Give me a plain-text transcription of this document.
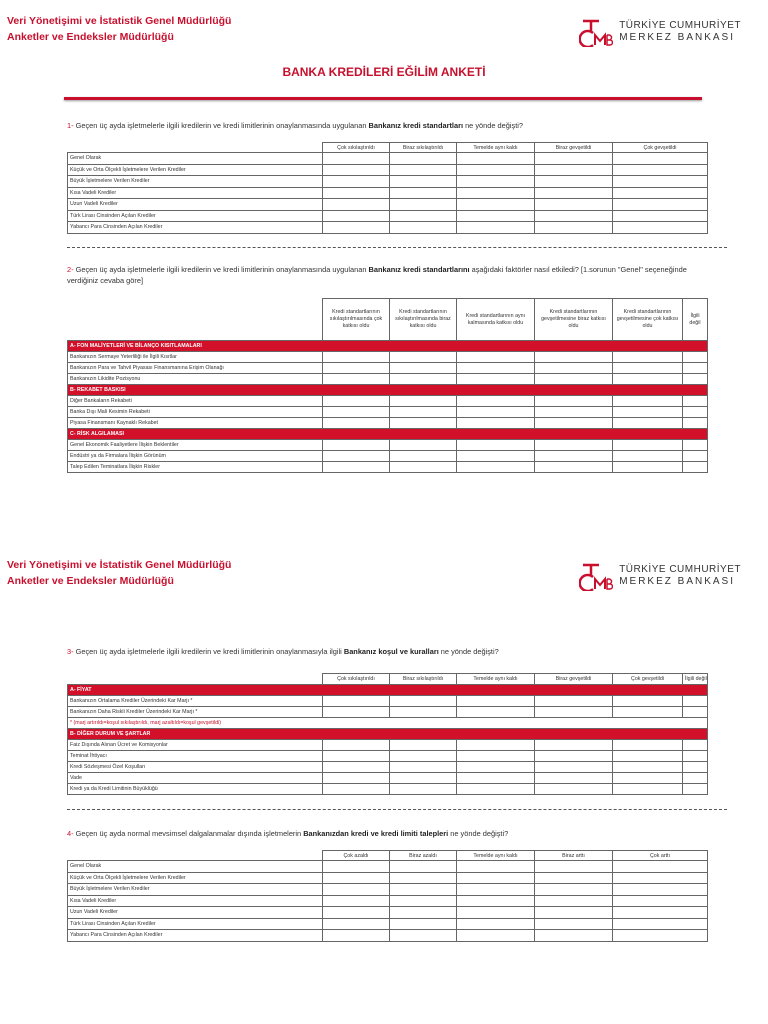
Veri Yönetişimi ve İstatistik Genel Müdürlüğü
Anketler ve Endeksler Müdürlüğü
TÜRKİYE CUMHURİYET
MERKEZ BANKASI
BANKA KREDİLERİ EĞİLİM ANKETİ
1- Geçen üç ayda işletmelerle ilgili kredilerin ve kredi limitlerinin onaylanmasında uygulanan Bankanız kredi standartları ne yönde değişti?
	Çok sıkılaştırıldı	Biraz sıkılaştırıldı	Temelde aynı kaldı	Biraz gevşetildi	Çok gevşetildi
Genel Olarak					
Küçük ve Orta Ölçekli İşletmelere Verilen Krediler					
Büyük İşletmelere Verilen Krediler					
Kısa Vadeli Krediler					
Uzun Vadeli Krediler					
Türk Lirası Cinsinden Açılan Krediler					
Yabancı Para Cinsinden Açılan Krediler					
2- Geçen üç ayda işletmelerle ilgili kredilerin ve kredi limitlerinin onaylanmasında uygulanan Bankanız kredi standartlarını aşağıdaki faktörler nasıl etkiledi? [1.sorunun "Genel" seçeneğinde verdiğiniz cevaba göre]
	Kredi standartlarının sıkılaştırılmasında çok katkısı oldu	Kredi standartlarının sıkılaştırılmasında biraz katkısı oldu	Kredi standartlarının aynı kalmasında katkısı oldu	Kredi standartlarının gevşetilmesine biraz katkısı oldu	Kredi standartlarının gevşetilmesine çok katkısı oldu	İlgili değil
A- FON MALİYETLERİ VE BİLANÇO KISITLAMALARI						
Bankanızın Sermaye Yeterliliği ile İlgili Kısıtlar						
Bankanızın Para ve Tahvil Piyasası Finansmanına Erişim Olanağı						
Bankanızın Likidite Pozisyonu						
B- REKABET BASKISI						
Diğer Bankaların Rekabeti						
Banka Dışı Mali Kesimin Rekabeti						
Piyasa Finansmanı Kaynaklı Rekabet						
C- RİSK ALGILAMASI						
Genel Ekonomik Faaliyetlere İlişkin Beklentiler						
Endüstri ya da Firmalara İlişkin Görünüm						
Talep Edilen Teminatlara İlişkin Riskler						
Veri Yönetişimi ve İstatistik Genel Müdürlüğü
Anketler ve Endeksler Müdürlüğü
TÜRKİYE CUMHURİYET
MERKEZ BANKASI
3- Geçen üç ayda işletmelerle ilgili kredilerin ve kredi limitlerinin onaylanmasıyla ilgili Bankanız koşul ve kuralları ne yönde değişti?
	Çok sıkılaştırıldı	Biraz sıkılaştırıldı	Temelde aynı kaldı	Biraz gevşetildi	Çok gevşetildi	İlgili değil
A- FİYAT						
Bankanızın Ortalama Krediler Üzerindeki Kar Marjı *						
Bankanızın Daha Riskli Krediler Üzerindeki Kar Marjı *						
* (marj artırıldı=koşul sıkılaştırıldı, marj azaltıldı=koşul gevşetildi)						
B- DİĞER DURUM VE ŞARTLAR						
Faiz Dışında Alınan Ücret ve Komisyonlar						
Teminat İhtiyacı						
Kredi Sözleşmesi Özel Koşulları						
Vade						
Kredi ya da Kredi Limitinin Büyüklüğü						
4- Geçen üç ayda normal mevsimsel dalgalanmalar dışında işletmelerin Bankanızdan kredi ve kredi limiti talepleri ne yönde değişti?
	Çok azaldı	Biraz azaldı	Temelde aynı kaldı	Biraz arttı	Çok arttı
Genel Olarak					
Küçük ve Orta Ölçekli İşletmelere Verilen Krediler					
Büyük İşletmelere Verilen Krediler					
Kısa Vadeli Krediler					
Uzun Vadeli Krediler					
Türk Lirası Cinsinden Açılan Krediler					
Yabancı Para Cinsinden Açılan Krediler					
